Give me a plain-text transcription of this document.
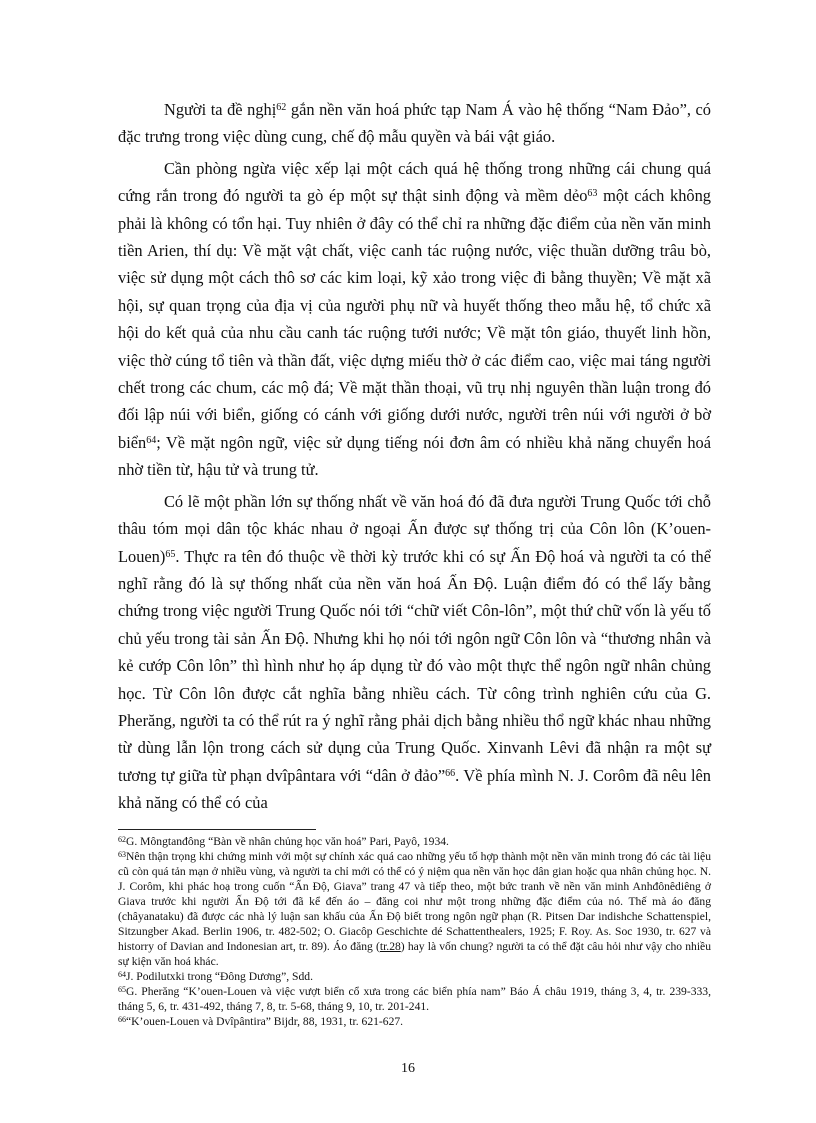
Người ta đề nghị$^{62}$ gắn nền văn hoá phức tạp Nam Á vào hệ thống “Nam Đảo”, có đặc trưng trong việc dùng cung, chế độ mẫu quyền và bái vật giáo.

Cần phòng ngừa việc xếp lại một cách quá hệ thống trong những cái chung quá cứng rắn trong đó người ta gò ép một sự thật sinh động và mềm dẻo$^{63}$ một cách không phải là không có tổn hại. Tuy nhiên ở đây có thể chỉ ra những đặc điểm của nền văn minh tiền Arien, thí dụ: Về mặt vật chất, việc canh tác ruộng nước, việc thuần dưỡng trâu bò, việc sử dụng một cách thô sơ các kim loại, kỹ xảo trong việc đi bằng thuyền; Về mặt xã hội, sự quan trọng của địa vị của người phụ nữ và huyết thống theo mẫu hệ, tổ chức xã hội do kết quả của nhu cầu canh tác ruộng tưới nước; Về mặt tôn giáo, thuyết linh hồn, việc thờ cúng tổ tiên và thần đất, việc dựng miếu thờ ở các điểm cao, việc mai táng người chết trong các chum, các mộ đá; Về mặt thần thoại, vũ trụ nhị nguyên thần luận trong đó đối lập núi với biển, giống có cánh với giống dưới nước, người trên núi với người ở bờ biển$^{64}$; Về mặt ngôn ngữ, việc sử dụng tiếng nói đơn âm có nhiều khả năng chuyển hoá nhờ tiền từ, hậu tử và trung tử.

Có lẽ một phần lớn sự thống nhất về văn hoá đó đã đưa người Trung Quốc tới chỗ thâu tóm mọi dân tộc khác nhau ở ngoại Ấn được sự thống trị của Côn lôn (K’ouen-Louen)$^{65}$. Thực ra tên đó thuộc về thời kỳ trước khi có sự Ấn Độ hoá và người ta có thể nghĩ rằng đó là sự thống nhất của nền văn hoá Ấn Độ. Luận điểm đó có thể lấy bằng chứng trong việc người Trung Quốc nói tới “chữ viết Côn-lôn”, một thứ chữ vốn là yếu tố chủ yếu trong tài sản Ấn Độ. Nhưng khi họ nói tới ngôn ngữ Côn lôn và “thương nhân và kẻ cướp Côn lôn” thì hình như họ áp dụng từ đó vào một thực thể ngôn ngữ nhân chủng học. Từ Côn lôn được cắt nghĩa bằng nhiều cách. Từ công trình nghiên cứu của G. Pherăng, người ta có thể rút ra ý nghĩ rằng phải dịch bằng nhiều thổ ngữ khác nhau những từ dùng lẫn lộn trong cách sử dụng của Trung Quốc. Xinvanh Lêvi đã nhận ra một sự tương tự giữa từ phạn dvîpântara với “dân ở đảo”$^{66}$. Về phía mình N. J. Corôm đã nêu lên khả năng có thể có của

$^{62}$G. Môngtanđông “Bàn về nhân chủng học văn hoá” Pari, Payô, 1934.

$^{63}$Nên thận trọng khi chứng minh với một sự chính xác quá cao những yếu tố hợp thành một nền văn minh trong đó các tài liệu cũ còn quá tản mạn ở nhiều vùng, và người ta chỉ mới có thể có ý niệm qua nền văn học dân gian hoặc qua nhân chủng học. N. J. Corôm, khi phác hoạ trong cuốn “Ấn Độ, Giava” trang 47 và tiếp theo, một bức tranh về nền văn minh Anhđônêdiêng ở Giava trước khi người Ấn Độ tới đã kể đến áo – đăng coi như một trong những đặc điểm của nó. Thế mà áo đăng (châyanataku) đã được các nhà lý luận san khấu của Ấn Độ biết trong ngôn ngữ phạn (R. Pitsen Dar indishche Schattenspiel, Sitzungber Akad. Berlin 1906, tr. 482-502; O. Giacôp Geschichte dé Schattenthealers, 1925; F. Roy. As. Soc 1930, tr. 627 và historry of Davian and Indonesian art, tr. 89). Áo đăng (tr.28) hay là vốn chung? người ta có thể đặt câu hỏi như vậy cho nhiều sự kiện văn hoá khác.

$^{64}$J. Podilutxki trong “Đông Dương”, Sdd.

$^{65}$G. Pherăng “K’ouen-Louen và việc vượt biển cổ xưa trong các biển phía nam” Báo Á châu 1919, tháng 3, 4, tr. 239-333, tháng 5, 6, tr. 431-492, tháng 7, 8, tr. 5-68, tháng 9, 10, tr. 201-241.

$^{66}$“K’ouen-Louen và Dvîpântira” Bijdr, 88, 1931, tr. 621-627.

16
